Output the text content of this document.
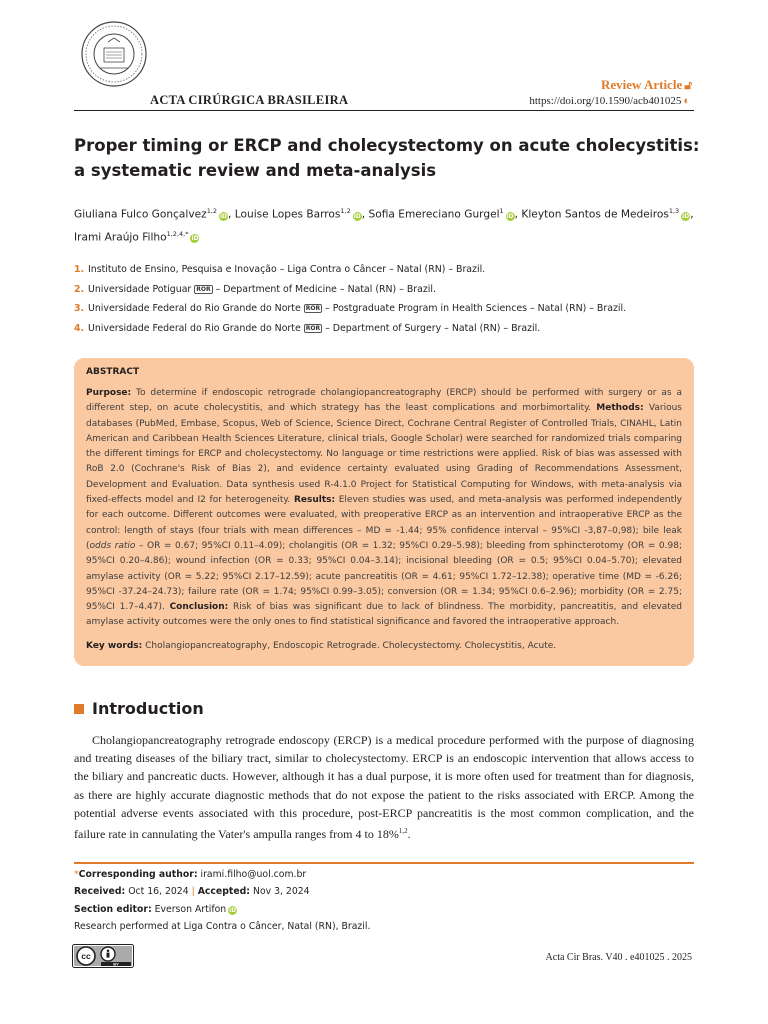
ACTA CIRÚRGICA BRASILEIRA
Review Article 🔓︎
https://doi.org/10.1590/acb401025 ◐
Proper timing or ERCP and cholecystectomy on acute cholecystitis: a systematic review and meta-analysis
Giuliana Fulco Gonçalvez$^{1,2}$iD, Louise Lopes Barros$^{1,2}$iD, Sofia Emereciano Gurgel$^1$iD, Kleyton Santos de Medeiros$^{1,3}$iD,
Irami Araújo Filho$^{1,2,4,*}$iD
1. Instituto de Ensino, Pesquisa e Inovação – Liga Contra o Câncer – Natal (RN) – Brazil.
2. Universidade Potiguar ROR – Department of Medicine – Natal (RN) – Brazil.
3. Universidade Federal do Rio Grande do Norte ROR – Postgraduate Program in Health Sciences – Natal (RN) – Brazil.
4. Universidade Federal do Rio Grande do Norte ROR – Department of Surgery – Natal (RN) – Brazil.
ABSTRACT
Purpose: To determine if endoscopic retrograde cholangiopancreatography (ERCP) should be performed with surgery or as a different step, on acute cholecystitis, and which strategy has the least complications and morbimortality. Methods: Various databases (PubMed, Embase, Scopus, Web of Science, Science Direct, Cochrane Central Register of Controlled Trials, CINAHL, Latin American and Caribbean Health Sciences Literature, clinical trials, Google Scholar) were searched for randomized trials comparing the different timings for ERCP and cholecystectomy. No language or time restrictions were applied. Risk of bias was assessed with RoB 2.0 (Cochrane's Risk of Bias 2), and evidence certainty evaluated using Grading of Recommendations Assessment, Development and Evaluation. Data synthesis used R-4.1.0 Project for Statistical Computing for Windows, with meta-analysis via fixed-effects model and I2 for heterogeneity. Results: Eleven studies was used, and meta-analysis was performed independently for each outcome. Different outcomes were evaluated, with preoperative ERCP as an intervention and intraoperative ERCP as the control: length of stays (four trials with mean differences – MD = -1.44; 95% confidence interval – 95%CI -3,87–0,98); bile leak (odds ratio – OR = 0.67; 95%CI 0.11–4.09); cholangitis (OR = 1.32; 95%CI 0.29–5.98); bleeding from sphincterotomy (OR = 0.98; 95%CI 0.20–4.86); wound infection (OR = 0.33; 95%CI 0.04–3.14); incisional bleeding (OR = 0.5; 95%CI 0.04–5.70); elevated amylase activity (OR = 5.22; 95%CI 2.17–12.59); acute pancreatitis (OR = 4.61; 95%CI 1.72–12.38); operative time (MD = -6.26; 95%CI -37.24–24.73); failure rate (OR = 1.74; 95%CI 0.99–3.05); conversion (OR = 1.34; 95%CI 0.6–2.96); morbidity (OR = 2.75; 95%CI 1.7–4.47). Conclusion: Risk of bias was significant due to lack of blindness. The morbidity, pancreatitis, and elevated amylase activity outcomes were the only ones to find statistical significance and favored the intraoperative approach.
Key words: Cholangiopancreatography, Endoscopic Retrograde. Cholecystectomy. Cholecystitis, Acute.
Introduction
Cholangiopancreatography retrograde endoscopy (ERCP) is a medical procedure performed with the purpose of diagnosing and treating diseases of the biliary tract, similar to cholecystectomy. ERCP is an endoscopic intervention that allows access to the biliary and pancreatic ducts. However, although it has a dual purpose, it is more often used for treatment than for diagnosis, as there are highly accurate diagnostic methods that do not expose the patient to the risks associated with ERCP. Among the potential adverse events associated with this procedure, post-ERCP pancreatitis is the most common complication, and the failure rate in cannulating the Vater's ampulla ranges from 4 to 18%$^{1,2}$.
*Corresponding author: irami.filho@uol.com.br
Received: Oct 16, 2024 | Accepted: Nov 3, 2024
Section editor: Everson Artifon iD
Research performed at Liga Contra o Câncer, Natal (RN), Brazil.
cc
BY
Acta Cir Bras. V40 . e401025 . 2025
